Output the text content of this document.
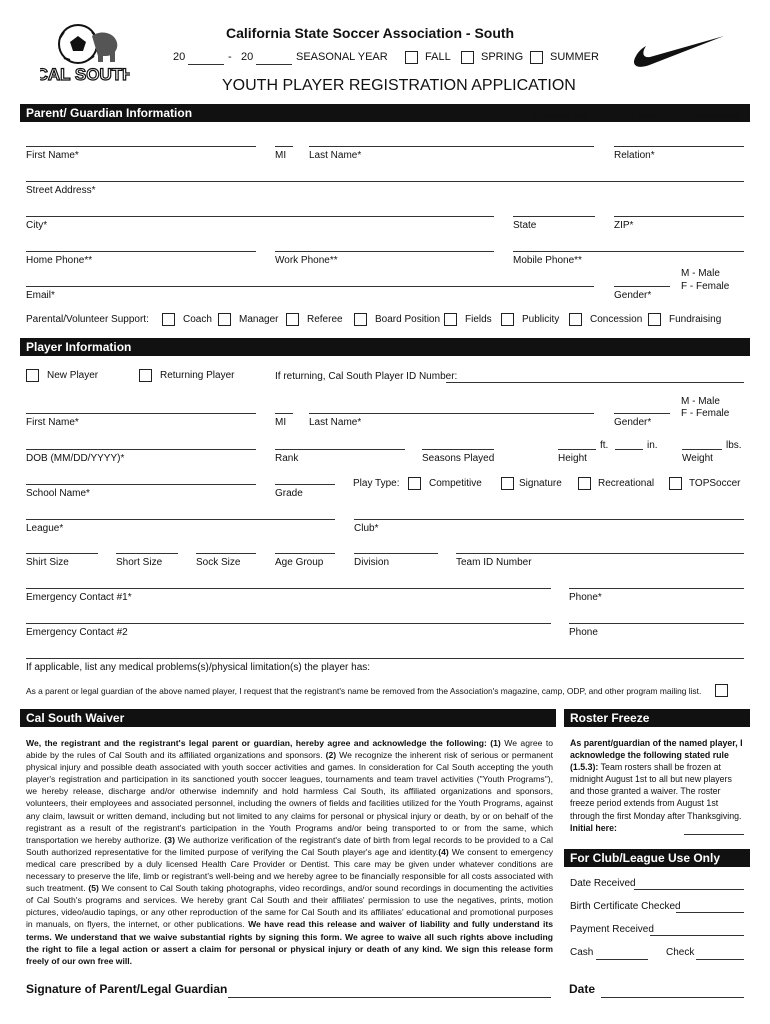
CAL SOUTH
California State Soccer Association - South
20	- 20	SEASONAL YEAR	FALL	SPRING SUMMER
YOUTH PLAYER REGISTRATION APPLICATION
Parent/ Guardian Information	*Required field	**At least one field is required
First Name*	MI Last Name*	Relation*
Street Address*
City*	State	ZIP*
Home Phone**	Work Phone**	Mobile Phone**
M - Male
F - Female
Email*	Gender*
Parental/Volunteer Support:	Coach	Manager	Referee	Board Position Fields	Publicity	Concession	Fundraising
Player Information
New Player	Returning Player	If returning, Cal South Player ID Number:
M - Male
F - Female
First Name*	MI Last Name*	Gender*
ft.	in.	lbs.
DOB (MM/DD/YYYY)*	Rank	Seasons Played	Height	Weight
School Name*	Grade
Play Type:	Competitive	Signature	Recreational	TOPSoccer
League*	Club*
Shirt Size	Short Size	Sock Size	Age Group	Division	Team ID Number
Emergency Contact #1*	Phone*
Emergency Contact #2	Phone
If applicable, list any medical problems(s)/physical limitation(s) the player has:
As a parent or legal guardian of the above named player, I request that the registrant's name be removed from the Association's magazine, camp, ODP, and other program mailing list.
Cal South Waiver
We, the registrant and the registrant's legal parent or guardian, hereby agree and acknowledge the following: (1) We agree to abide by the rules of Cal South and its affiliated organizations and sponsors. (2) We recognize the inherent risk of serious or permanent physical injury and possible death associated with youth soccer activities and games. In consideration for Cal South accepting the youth player's registration and participation in its sanctioned youth soccer leagues, tournaments and team travel activities ("Youth Programs"), we hereby release, discharge and/or otherwise indemnify and hold harmless Cal South, its affiliated organizations and sponsors, volunteers, their employees and associated personnel, including the owners of fields and facilities utilized for the Youth Programs, against any claim, lawsuit or written demand, including but not limited to any claims for personal or physical injury or death, by or on behalf of the registrant as a result of the registrant's participation in the Youth Programs and/or being transported to or from the same, which transportation we hereby authorize. (3) We authorize verification of the registrant's date of birth from legal records to be provided to a Cal South authorized representative for the limited purpose of verifying the Cal South player's age and identity.(4) We consent to emergency medical care prescribed by a duly licensed Health Care Provider or Dentist. This care may be given under whatever conditions are necessary to preserve the life, limb or registrant's well-being and we hereby agree to be financially responsible for all costs associated with such treatment. (5) We consent to Cal South taking photographs, video recordings, and/or sound recordings in documenting the activities of Cal South's programs and services. We hereby grant Cal South and their affiliates' permission to use the negatives, prints, motion pictures, video/audio tapings, or any other reproduction of the same for Cal South and its affiliates' educational and promotional purposes in manuals, on flyers, the internet, or other publications. We have read this release and waiver of liability and fully understand its terms. We understand that we waive substantial rights by signing this form. We agree to waive all such rights above including the right to file a legal action or assert a claim for personal or physical injury or death of any kind. We sign this release form freely of our own free will.
Signature of Parent/Legal Guardian	Date
Roster Freeze
As parent/guardian of the named player, I acknowledge the following stated rule (1.5.3): Team rosters shall be frozen at midnight August 1st to all but new players and those granted a waiver. The roster freeze period extends from August 1st through the first Monday after Thanksgiving. Initial here:
For Club/League Use Only
Date Received
Birth Certificate Checked
Payment Received
Cash	Check
